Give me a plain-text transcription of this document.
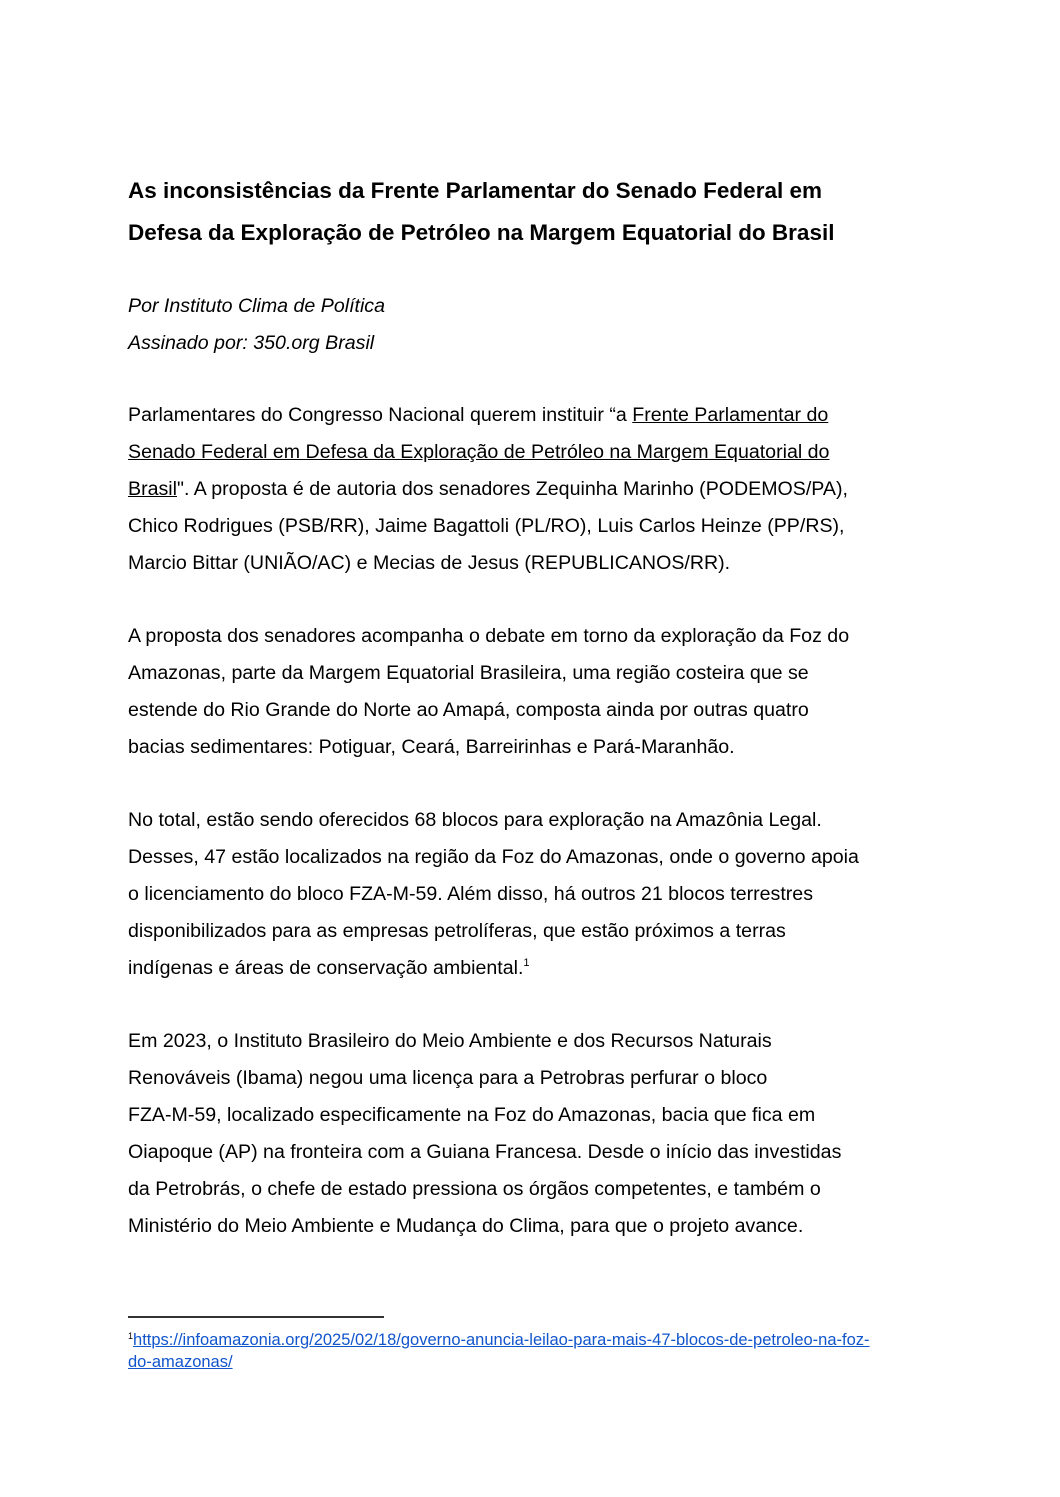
As inconsistências da Frente Parlamentar do Senado Federal em
Defesa da Exploração de Petróleo na Margem Equatorial do Brasil
Por Instituto Clima de Política
Assinado por: 350.org Brasil
Parlamentares do Congresso Nacional querem instituir “a Frente Parlamentar do
Senado Federal em Defesa da Exploração de Petróleo na Margem Equatorial do
Brasil". A proposta é de autoria dos senadores Zequinha Marinho (PODEMOS/PA),
Chico Rodrigues (PSB/RR), Jaime Bagattoli (PL/RO), Luis Carlos Heinze (PP/RS),
Marcio Bittar (UNIÃO/AC) e Mecias de Jesus (REPUBLICANOS/RR).
A proposta dos senadores acompanha o debate em torno da exploração da Foz do
Amazonas, parte da Margem Equatorial Brasileira, uma região costeira que se
estende do Rio Grande do Norte ao Amapá, composta ainda por outras quatro
bacias sedimentares: Potiguar, Ceará, Barreirinhas e Pará-Maranhão.
No total, estão sendo oferecidos 68 blocos para exploração na Amazônia Legal.
Desses, 47 estão localizados na região da Foz do Amazonas, onde o governo apoia
o licenciamento do bloco FZA-M-59. Além disso, há outros 21 blocos terrestres
disponibilizados para as empresas petrolíferas, que estão próximos a terras
indígenas e áreas de conservação ambiental.$^1$
Em 2023, o Instituto Brasileiro do Meio Ambiente e dos Recursos Naturais
Renováveis (Ibama) negou uma licença para a Petrobras perfurar o bloco
FZA-M-59, localizado especificamente na Foz do Amazonas, bacia que fica em
Oiapoque (AP) na fronteira com a Guiana Francesa. Desde o início das investidas
da Petrobrás, o chefe de estado pressiona os órgãos competentes, e também o
Ministério do Meio Ambiente e Mudança do Clima, para que o projeto avance.
$^1$https://infoamazonia.org/2025/02/18/governo-anuncia-leilao-para-mais-47-blocos-de-petroleo-na-foz-
do-amazonas/
